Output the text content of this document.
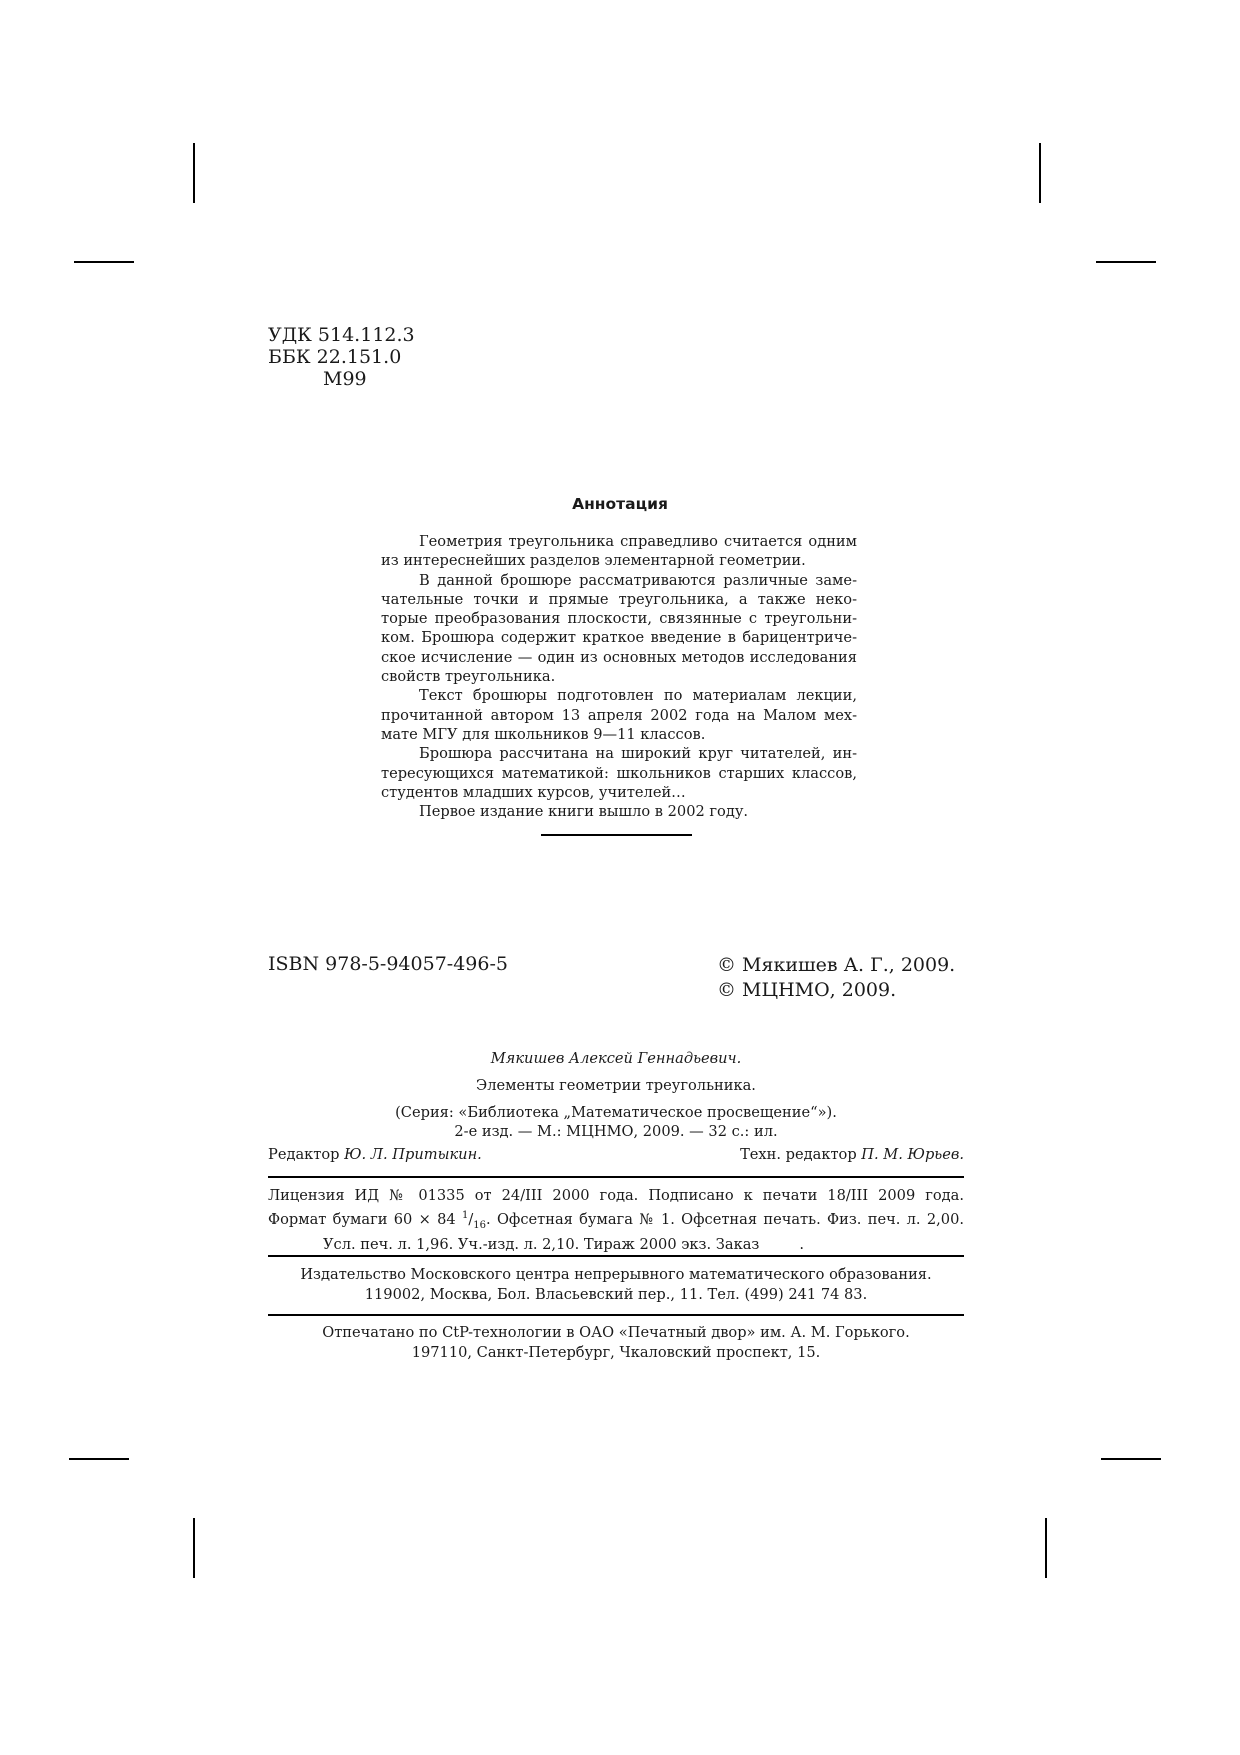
УДК 514.112.3
ББК 22.151.0
М99
Аннотация

Геометрия треугольника справедливо считается одним из интереснейших разделов элементарной геометрии.

В данной брошюре рассматриваются различные замечательные точки и прямые треугольника, а также некоторые преобразования плоскости, связянные с треугольником. Брошюра содержит краткое введение в барицентрическое исчисление — один из основных методов исследования свойств треугольника.

Текст брошюры подготовлен по материалам лекции, прочитанной автором 13 апреля 2002 года на Малом мехмате МГУ для школьников 9—11 классов.

Брошюра рассчитана на широкий круг читателей, интересующихся математикой: школьников старших классов, студентов младших курсов, учителей…

Первое издание книги вышло в 2002 году.

ISBN 978-5-94057-496-5	© Мякишев А. Г., 2009.
© МЦНМО, 2009.
Мякишев Алексей Геннадьевич.
Элементы геометрии треугольника.
(Серия: «Библиотека „Математическое просвещение“»).
2-е изд. — М.: МЦНМО, 2009. — 32 с.: ил.
Редактор Ю. Л. Притыкин.	Техн. редактор П. М. Юрьев.
Лицензия ИД № 01335 от 24/III 2000 года. Подписано к печати 18/III 2009 года.
Формат бумаги 60 × 84 $^1/_{16}$. Офсетная бумага № 1. Офсетная печать. Физ. печ. л. 2,00.
Усл. печ. л. 1,96. Уч.-изд. л. 2,10. Тираж 2000 экз. Заказ	.
Издательство Московского центра непрерывного математического образования.
119002, Москва, Бол. Власьевский пер., 11. Тел. (499) 241 74 83.
Отпечатано по CtP-технологии в ОАО «Печатный двор» им. А. М. Горького.
197110, Санкт-Петербург, Чкаловский проспект, 15.
